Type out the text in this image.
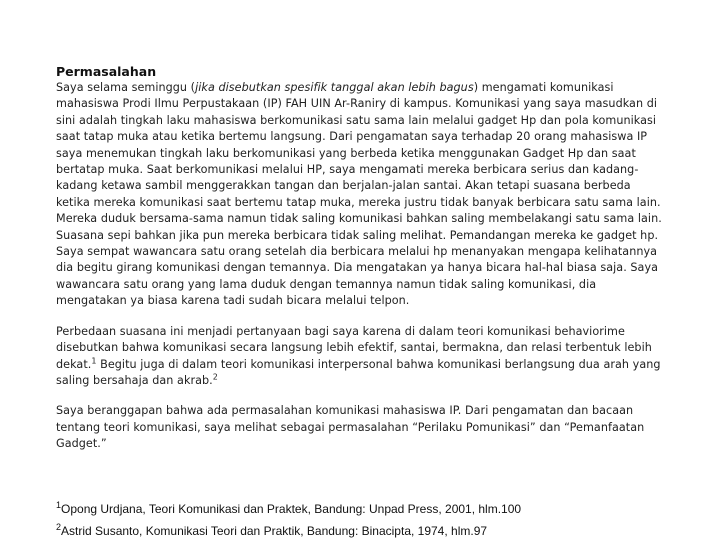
Permasalahan

Saya selama seminggu (jika disebutkan spesifik tanggal akan lebih bagus) mengamati komunikasi mahasiswa Prodi Ilmu Perpustakaan (IP) FAH UIN Ar-Raniry di kampus. Komunikasi yang saya masudkan di sini adalah tingkah laku mahasiswa berkomunikasi satu sama lain melalui gadget Hp dan pola komunikasi saat tatap muka atau ketika bertemu langsung. Dari pengamatan saya terhadap 20 orang mahasiswa IP saya menemukan tingkah laku berkomunikasi yang berbeda ketika menggunakan Gadget Hp dan saat bertatap muka. Saat berkomunikasi melalui HP, saya mengamati mereka berbicara serius dan kadang-kadang ketawa sambil menggerakkan tangan dan berjalan-jalan santai. Akan tetapi suasana berbeda ketika mereka komunikasi saat bertemu tatap muka, mereka justru tidak banyak berbicara satu sama lain. Mereka duduk bersama-sama namun tidak saling komunikasi bahkan saling membelakangi satu sama lain. Suasana sepi bahkan jika pun mereka berbicara tidak saling melihat. Pemandangan mereka ke gadget hp. Saya sempat wawancara satu orang setelah dia berbicara melalui hp menanyakan mengapa kelihatannya dia begitu girang komunikasi dengan temannya. Dia mengatakan ya hanya bicara hal-hal biasa saja. Saya wawancara satu orang yang lama duduk dengan temannya namun tidak saling komunikasi, dia mengatakan ya biasa karena tadi sudah bicara melalui telpon.

Perbedaan suasana ini menjadi pertanyaan bagi saya karena di dalam teori komunikasi behaviorime disebutkan bahwa komunikasi secara langsung lebih efektif, santai, bermakna, dan relasi terbentuk lebih dekat.$^1$ Begitu juga di dalam teori komunikasi interpersonal bahwa komunikasi berlangsung dua arah yang saling bersahaja dan akrab.$^2$

Saya beranggapan bahwa ada permasalahan komunikasi mahasiswa IP. Dari pengamatan dan bacaan tentang teori komunikasi, saya melihat sebagai permasalahan “Perilaku Pomunikasi” dan “Pemanfaatan Gadget.”

$^1$Opong Urdjana, Teori Komunikasi dan Praktek, Bandung: Unpad Press, 2001, hlm.100

$^2$Astrid Susanto, Komunikasi Teori dan Praktik, Bandung: Binacipta, 1974, hlm.97
